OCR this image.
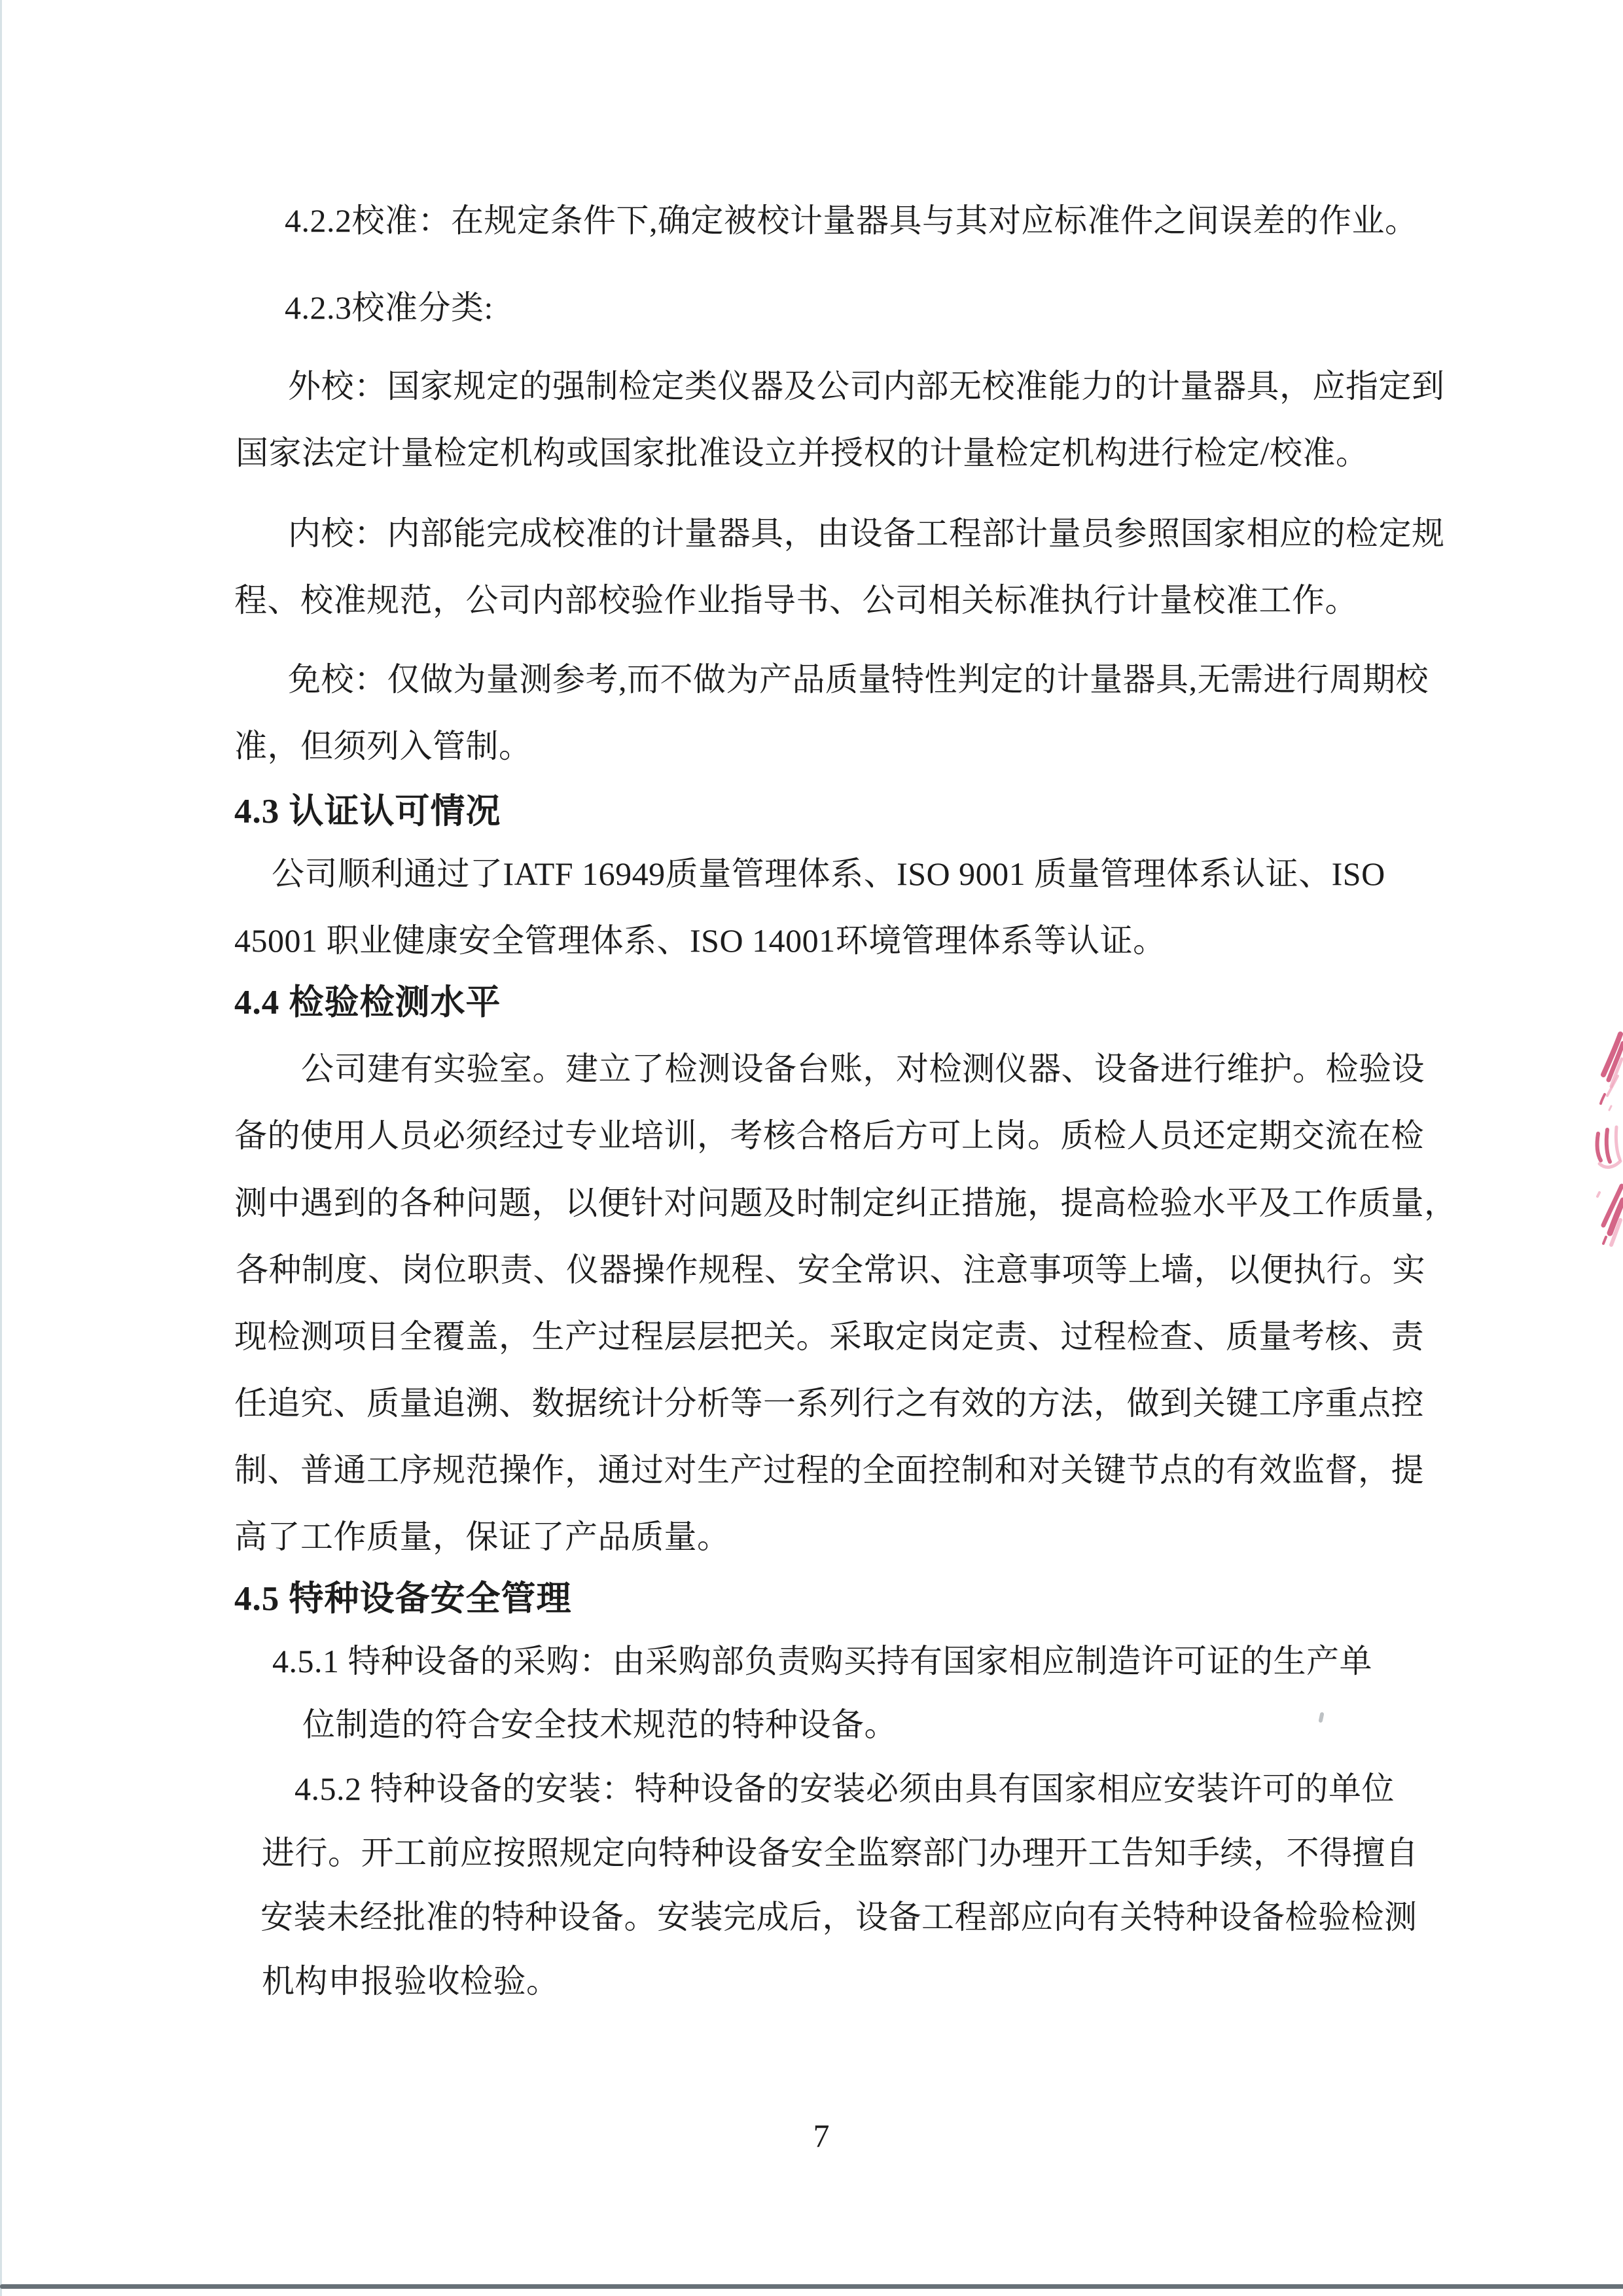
4.2.2校准：在规定条件下,确定被校计量器具与其对应标准件之间误差的作业。
4.2.3校准分类:
外校：国家规定的强制检定类仪器及公司内部无校准能力的计量器具，应指定到
国家法定计量检定机构或国家批准设立并授权的计量检定机构进行检定/校准。
内校：内部能完成校准的计量器具，由设备工程部计量员参照国家相应的检定规
程、校准规范，公司内部校验作业指导书、公司相关标准执行计量校准工作。
免校：仅做为量测参考,而不做为产品质量特性判定的计量器具,无需进行周期校
准，但须列入管制。
4.3 认证认可情况
公司顺利通过了IATF 16949质量管理体系、ISO 9001 质量管理体系认证、ISO
45001 职业健康安全管理体系、ISO 14001环境管理体系等认证。
4.4 检验检测水平
公司建有实验室。建立了检测设备台账，对检测仪器、设备进行维护。检验设
备的使用人员必须经过专业培训，考核合格后方可上岗。质检人员还定期交流在检
测中遇到的各种问题，以便针对问题及时制定纠正措施，提高检验水平及工作质量，
各种制度、岗位职责、仪器操作规程、安全常识、注意事项等上墙，以便执行。实
现检测项目全覆盖，生产过程层层把关。采取定岗定责、过程检查、质量考核、责
任追究、质量追溯、数据统计分析等一系列行之有效的方法，做到关键工序重点控
制、普通工序规范操作，通过对生产过程的全面控制和对关键节点的有效监督，提
高了工作质量，保证了产品质量。
4.5 特种设备安全管理
4.5.1 特种设备的采购：由采购部负责购买持有国家相应制造许可证的生产单
位制造的符合安全技术规范的特种设备。
4.5.2 特种设备的安装：特种设备的安装必须由具有国家相应安装许可的单位
进行。开工前应按照规定向特种设备安全监察部门办理开工告知手续，不得擅自
安装未经批准的特种设备。安装完成后，设备工程部应向有关特种设备检验检测
机构申报验收检验。
7
